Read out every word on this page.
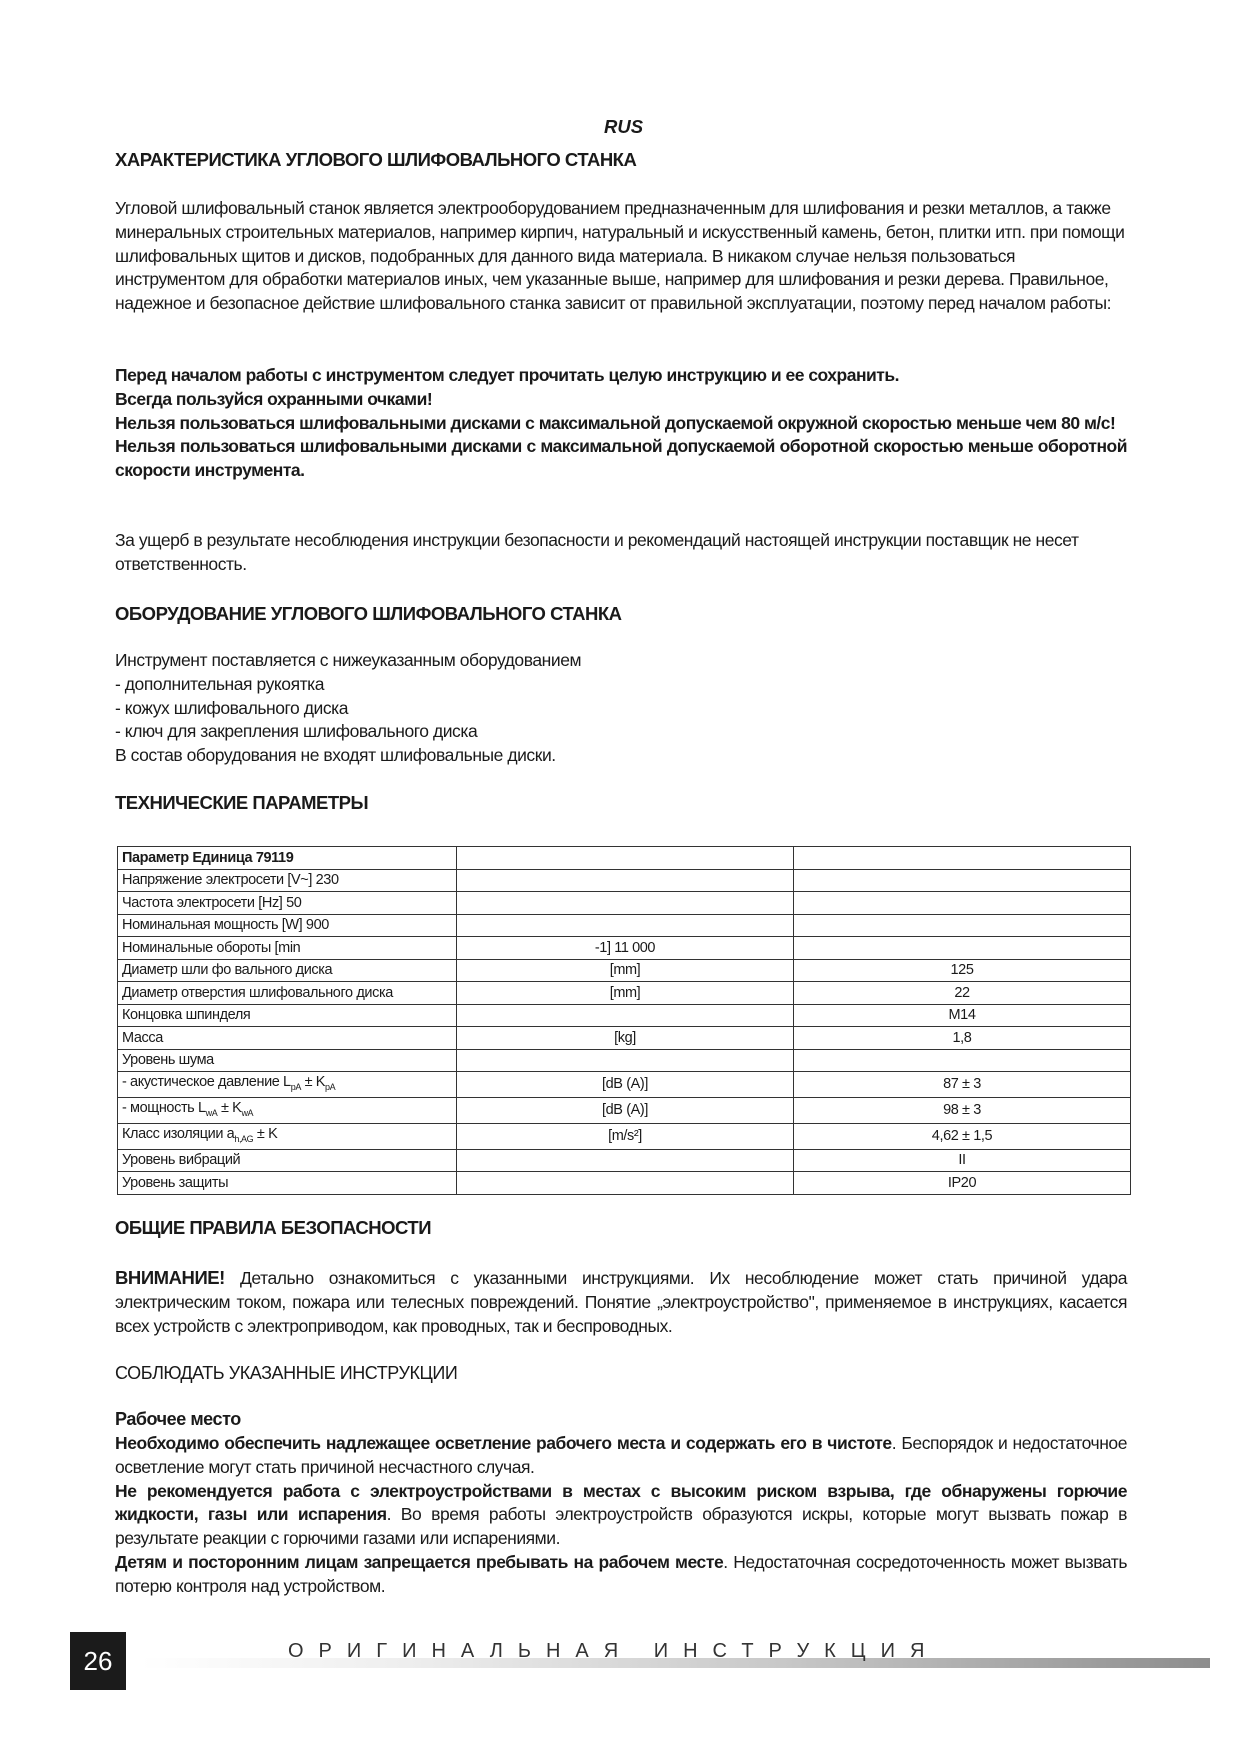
RUS
ХАРАКТЕРИСТИКА УГЛОВОГО ШЛИФОВАЛЬНОГО СТАНКА
Угловой шлифовальный станок является электрооборудованием предназначенным для шлифования и резки металлов, а также минеральных строительных материалов, например кирпич, натуральный и искусственный камень, бетон, плитки итп. при помощи шлифовальных щитов и дисков, подобранных для данного вида материала. В никаком случае нельзя пользоваться инструментом для обработки материалов иных, чем указанные выше, например для шлифования и резки дерева. Правильное, надежное и безопасное действие шлифовального станка зависит от правильной эксплуатации, поэтому перед началом работы:
Перед началом работы с инструментом следует прочитать целую инструкцию и ее сохранить.
Всегда пользуйся охранными очками!
Нельзя пользоваться шлифовальными дисками с максимальной допускаемой окружной скоростью меньше чем 80 м/с!
Нельзя пользоваться шлифовальными дисками с максимальной допускаемой оборотной скоростью меньше оборотной скорости инструмента.
За ущерб в результате несоблюдения инструкции безопасности и рекомендаций настоящей инструкции поставщик не несет ответственность.
ОБОРУДОВАНИЕ УГЛОВОГО ШЛИФОВАЛЬНОГО СТАНКА
Инструмент поставляется с нижеуказанным оборудованием
- дополнительная рукоятка
- кожух шлифовального диска
- ключ для закрепления шлифовального диска
В состав оборудования не входят шлифовальные диски.
ТЕХНИЧЕСКИЕ ПАРАМЕТРЫ
Параметр Единица 79119		
Напряжение электросети [V~] 230		
Частота электросети [Hz] 50		
Номинальная мощность [W] 900		
Номинальные обороты [min	-1] 11 000	
Диаметр шли фо вального диска	[mm]	125
Диаметр отверстия шлифовального диска	[mm]	22
Концовка шпинделя		M14
Масса	[kg]	1,8
Уровень шума		
- акустическое давление $L_{pA} \pm K_{pA}$	[dB (A)]	87 ± 3
- мощность $L_{wA} \pm K_{wA}$	[dB (A)]	98 ± 3
Класс изоляции $a_{h,AG} \pm K$	[m/s²]	4,62 ± 1,5
Уровень вибраций		II
Уровень защиты		IP20
ОБЩИЕ ПРАВИЛА БЕЗОПАСНОСТИ
ВНИМАНИЕ! Детально ознакомиться с указанными инструкциями. Их несоблюдение может стать причиной удара электрическим током, пожара или телесных повреждений. Понятие „электроустройство", применяемое в инструкциях, касается всех устройств с электроприводом, как проводных, так и беспроводных.
СОБЛЮДАТЬ УКАЗАННЫЕ ИНСТРУКЦИИ
Рабочее место
Необходимо обеспечить надлежащее осветление рабочего места и содержать его в чистоте. Беспорядок и недостаточное осветление могут стать причиной несчастного случая.
Не рекомендуется работа с электроустройствами в местах с высоким риском взрыва, где обнаружены горючие жидкости, газы или испарения. Во время работы электроустройств образуются искры, которые могут вызвать пожар в результате реакции с горючими газами или испарениями.
Детям и посторонним лицам запрещается пребывать на рабочем месте. Недостаточная сосредоточенность может вызвать потерю контроля над устройством.
26	ОРИГИНАЛЬНАЯ ИНСТРУКЦИЯ
